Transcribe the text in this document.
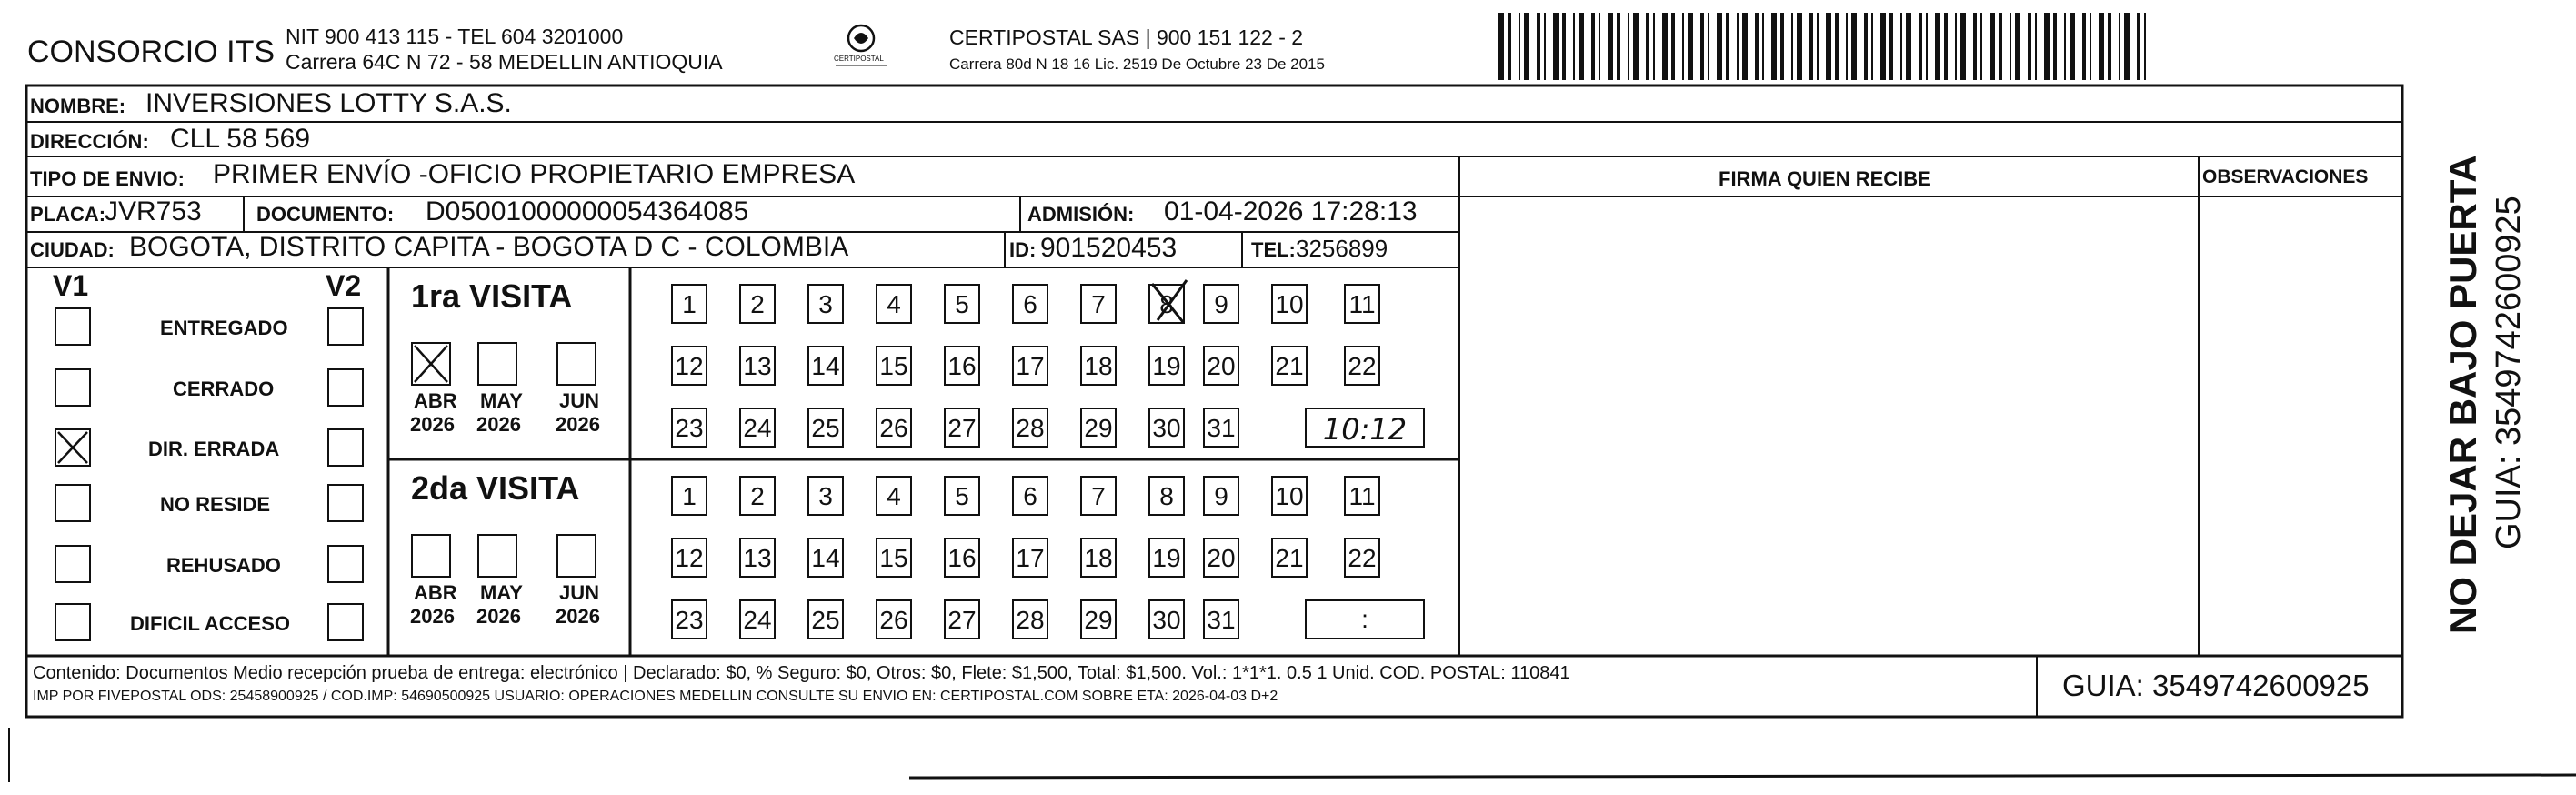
CONSORCIO ITS NIT 900 413 115 - TEL 604 3201000
Carrera 64C N 72 - 58 MEDELLIN ANTIOQUIA	CERTIPOSTAL
CERTIPOSTAL SAS | 900 151 122 - 2
Carrera 80d N 18 16 Lic. 2519 De Octubre 23 De 2015
NOMBRE: INVERSIONES LOTTY S.A.S.
DIRECCIÓN: CLL 58 569
TIPO DE ENVIO: PRIMER ENVÍO -OFICIO PROPIETARIO EMPRESA	FIRMA QUIEN RECIBE	OBSERVACIONES
PLACA:
JVR753	DOCUMENTO: D05001000000054364085	ADMISIÓN: 01-04-2026 17:28:13
CIUDAD: BOGOTA, DISTRITO CAPITA - BOGOTA D C - COLOMBIA	ID: 901520453	TEL: 3256899
V1	V2
Contenido: Documentos Medio recepción prueba de entrega: electrónico | Declarado: $0, % Seguro: $0, Otros: $0, Flete: $1,500, Total: $1,500. Vol.: 1*1*1. 0.5 1 Unid. COD. POSTAL: 110841
IMP POR FIVEPOSTAL ODS: 25458900925 / COD.IMP: 54690500925 USUARIO: OPERACIONES MEDELLIN CONSULTE SU ENVIO EN: CERTIPOSTAL.COM SOBRE ETA: 2026-04-03 D+2	GUIA: 3549742600925
NO DEJAR BAJO PUERTA GUIA: 3549742600925
ENTREGADO
CERRADO
DIR. ERRADA
NO RESIDE
REHUSADO
DIFICIL ACCESO
1ra VISITA
ABR
2026
MAY
2026
JUN
2026
1	2	3	4	5	6	7	8	9	10 11
12 13 14 15 16 17 18 19 20 21 22
23 24 25 26 27 28 29 30 31	10:12
2da VISITA
ABR
2026
MAY
2026
JUN
2026
1	2	3	4	5	6	7	8	9	10 11
12 13 14 15 16 17 18 19 20 21 22
23 24 25 26 27 28 29 30 31	:
